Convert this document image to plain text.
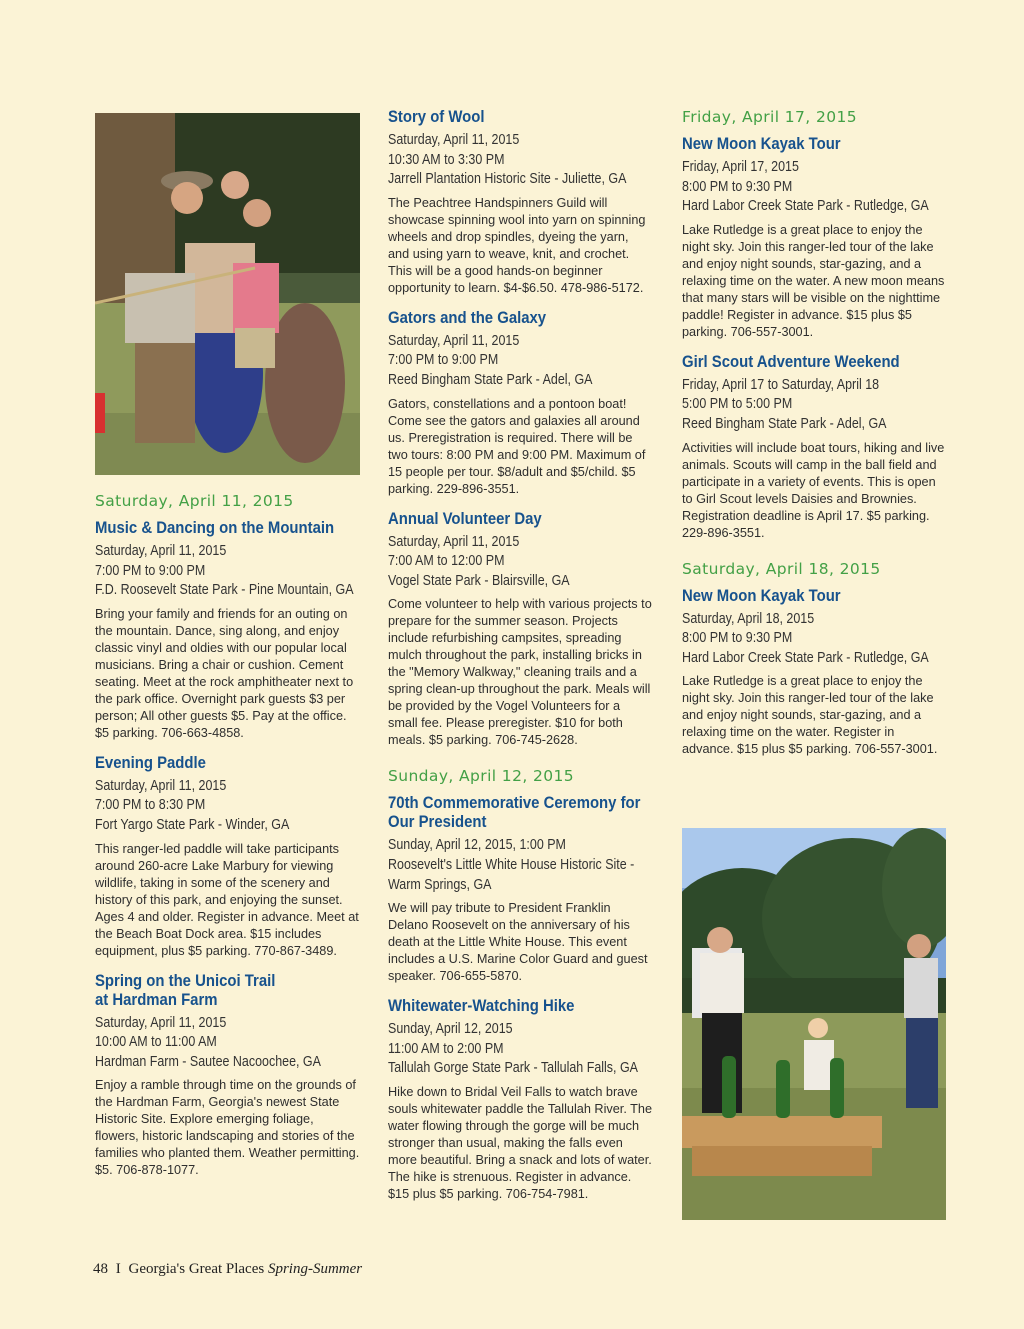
Saturday, April 11, 2015
Music & Dancing on the Mountain
Saturday, April 11, 2015
7:00 PM to 9:00 PM
F.D. Roosevelt State Park - Pine Mountain, GA
Bring your family and friends for an outing on the mountain. Dance, sing along, and enjoy classic vinyl and oldies with our popular local musicians. Bring a chair or cushion. Cement seating. Meet at the rock amphitheater next to the park office. Overnight park guests $3 per person; All other guests $5. Pay at the office. $5 parking. 706-663-4858.
Evening Paddle
Saturday, April 11, 2015
7:00 PM to 8:30 PM
Fort Yargo State Park - Winder, GA
This ranger-led paddle will take participants around 260-acre Lake Marbury for viewing wildlife, taking in some of the scenery and history of this park, and enjoying the sunset. Ages 4 and older. Register in advance. Meet at the Beach Boat Dock area. $15 includes equipment, plus $5 parking. 770-867-3489.
Spring on the Unicoi Trail at Hardman Farm
Saturday, April 11, 2015
10:00 AM to 11:00 AM
Hardman Farm - Sautee Nacoochee, GA
Enjoy a ramble through time on the grounds of the Hardman Farm, Georgia's newest State Historic Site. Explore emerging foliage, flowers, historic landscaping and stories of the families who planted them. Weather permitting. $5. 706-878-1077.
Story of Wool
Saturday, April 11, 2015
10:30 AM to 3:30 PM
Jarrell Plantation Historic Site - Juliette, GA
The Peachtree Handspinners Guild will showcase spinning wool into yarn on spinning wheels and drop spindles, dyeing the yarn, and using yarn to weave, knit, and crochet. This will be a good hands-on beginner opportunity to learn. $4-$6.50. 478-986-5172.
Gators and the Galaxy
Saturday, April 11, 2015
7:00 PM to 9:00 PM
Reed Bingham State Park - Adel, GA
Gators, constellations and a pontoon boat! Come see the gators and galaxies all around us. Preregistration is required. There will be two tours: 8:00 PM and 9:00 PM. Maximum of 15 people per tour. $8/adult and $5/child. $5 parking. 229-896-3551.
Annual Volunteer Day
Saturday, April 11, 2015
7:00 AM to 12:00 PM
Vogel State Park - Blairsville, GA
Come volunteer to help with various projects to prepare for the summer season. Projects include refurbishing campsites, spreading mulch throughout the park, installing bricks in the "Memory Walkway," cleaning trails and a spring clean-up throughout the park. Meals will be provided by the Vogel Volunteers for a small fee. Please preregister. $10 for both meals. $5 parking. 706-745-2628.
Sunday, April 12, 2015
70th Commemorative Ceremony for Our President
Sunday, April 12, 2015, 1:00 PM
Roosevelt's Little White House Historic Site -
Warm Springs, GA
We will pay tribute to President Franklin Delano Roosevelt on the anniversary of his death at the Little White House. This event includes a U.S. Marine Color Guard and guest speaker. 706-655-5870.
Whitewater-Watching Hike
Sunday, April 12, 2015
11:00 AM to 2:00 PM
Tallulah Gorge State Park - Tallulah Falls, GA
Hike down to Bridal Veil Falls to watch brave souls whitewater paddle the Tallulah River. The water flowing through the gorge will be much stronger than usual, making the falls even more beautiful. Bring a snack and lots of water. The hike is strenuous. Register in advance. $15 plus $5 parking. 706-754-7981.
Friday, April 17, 2015
New Moon Kayak Tour
Friday, April 17, 2015
8:00 PM to 9:30 PM
Hard Labor Creek State Park - Rutledge, GA
Lake Rutledge is a great place to enjoy the night sky. Join this ranger-led tour of the lake and enjoy night sounds, star-gazing, and a relaxing time on the water. A new moon means that many stars will be visible on the nighttime paddle! Register in advance. $15 plus $5 parking. 706-557-3001.
Girl Scout Adventure Weekend
Friday, April 17 to Saturday, April 18
5:00 PM to 5:00 PM
Reed Bingham State Park - Adel, GA
Activities will include boat tours, hiking and live animals. Scouts will camp in the ball field and participate in a variety of events. This is open to Girl Scout levels Daisies and Brownies. Registration deadline is April 17. $5 parking. 229-896-3551.
Saturday, April 18, 2015
New Moon Kayak Tour
Saturday, April 18, 2015
8:00 PM to 9:30 PM
Hard Labor Creek State Park - Rutledge, GA
Lake Rutledge is a great place to enjoy the night sky. Join this ranger-led tour of the lake and enjoy night sounds, star-gazing, and a relaxing time on the water. Register in advance. $15 plus $5 parking. 706-557-3001.
48 I Georgia's Great Places Spring-Summer
